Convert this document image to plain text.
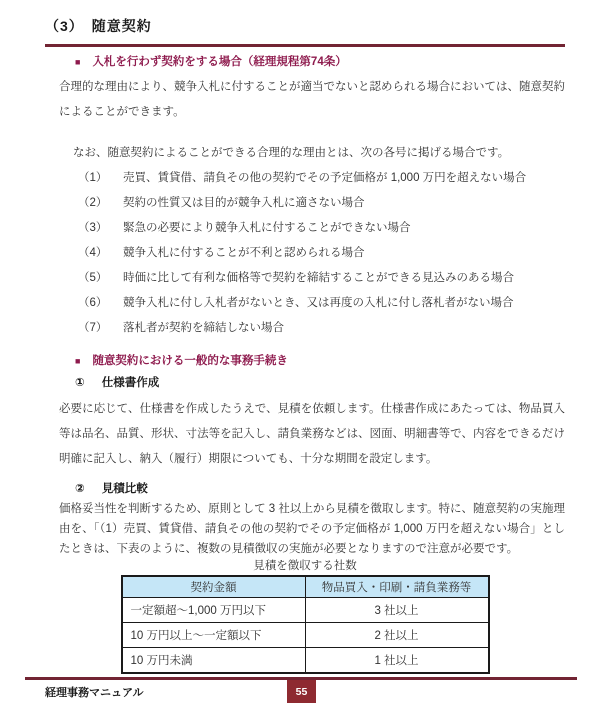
（3）　随意契約
■ 入札を行わず契約をする場合（経理規程第74条）

合理的な理由により、競争入札に付することが適当でないと認められる場合においては、随意契約によることができます。

なお、随意契約によることができる合理的な理由とは、次の各号に掲げる場合です。

（1）	売買、賃貸借、請負その他の契約でその予定価格が 1,000 万円を超えない場合
（2）	契約の性質又は目的が競争入札に適さない場合
（3）	緊急の必要により競争入札に付することができない場合
（4）	競争入札に付することが不利と認められる場合
（5）	時価に比して有利な価格等で契約を締結することができる見込みのある場合
（6）	競争入札に付し入札者がないとき、又は再度の入札に付し落札者がない場合
（7）	落札者が契約を締結しない場合
■ 随意契約における一般的な事務手続き
① 仕様書作成

必要に応じて、仕様書を作成したうえで、見積を依頼します。仕様書作成にあたっては、物品買入等は品名、品質、形状、寸法等を記入し、請負業務などは、図面、明細書等で、内容をできるだけ明確に記入し、納入（履行）期限についても、十分な期間を設定します。

② 見積比較

価格妥当性を判断するため、原則として 3 社以上から見積を徴取します。特に、随意契約の実施理由を、「（1）売買、賃貸借、請負その他の契約でその予定価格が 1,000 万円を超えない場合」としたときは、下表のように、複数の見積徴収の実施が必要となりますので注意が必要です。

見積を徴収する社数
契約金額	物品買入・印刷・請負業務等
一定額超～1,000 万円以下	3 社以上
10 万円以上～一定額以下	2 社以上
10 万円未満	1 社以上
経理事務マニュアル	55
